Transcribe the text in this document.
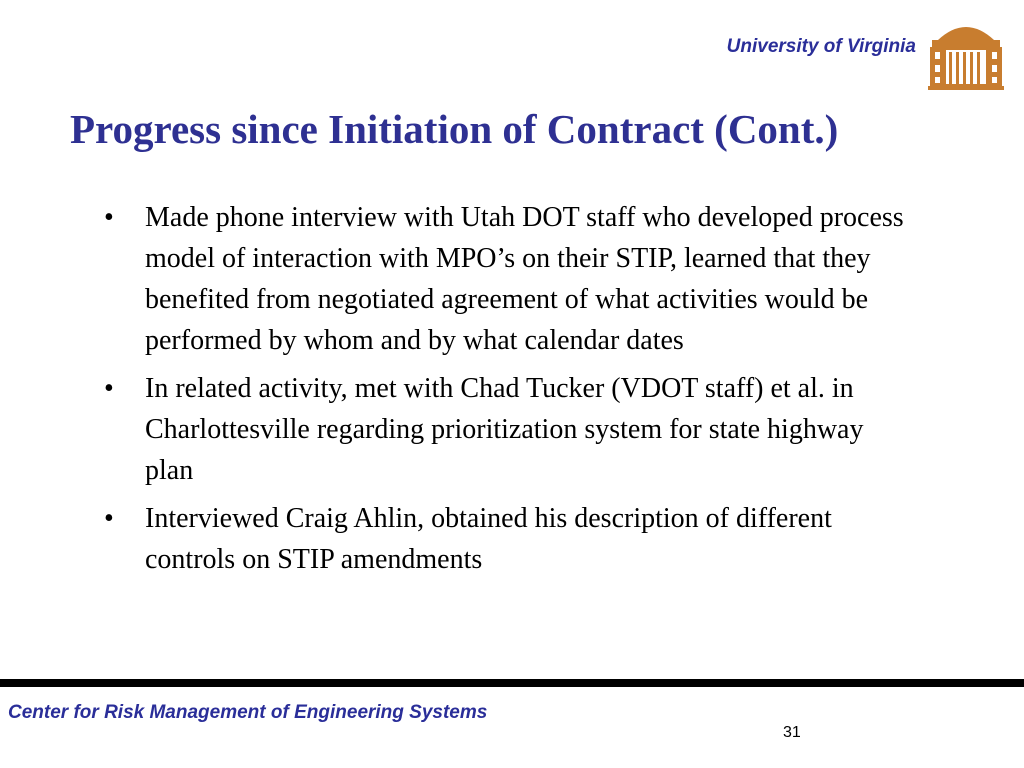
University of Virginia
Progress since Initiation of Contract (Cont.)
• Made phone interview with Utah DOT staff who developed process model of interaction with MPO’s on their STIP, learned that they benefited from negotiated agreement of what activities would be performed by whom and by what calendar dates
• In related activity, met with Chad Tucker (VDOT staff) et al. in Charlottesville regarding prioritization system for state highway plan
• Interviewed Craig Ahlin, obtained his description of different controls on STIP amendments
Center for Risk Management of Engineering Systems
31
